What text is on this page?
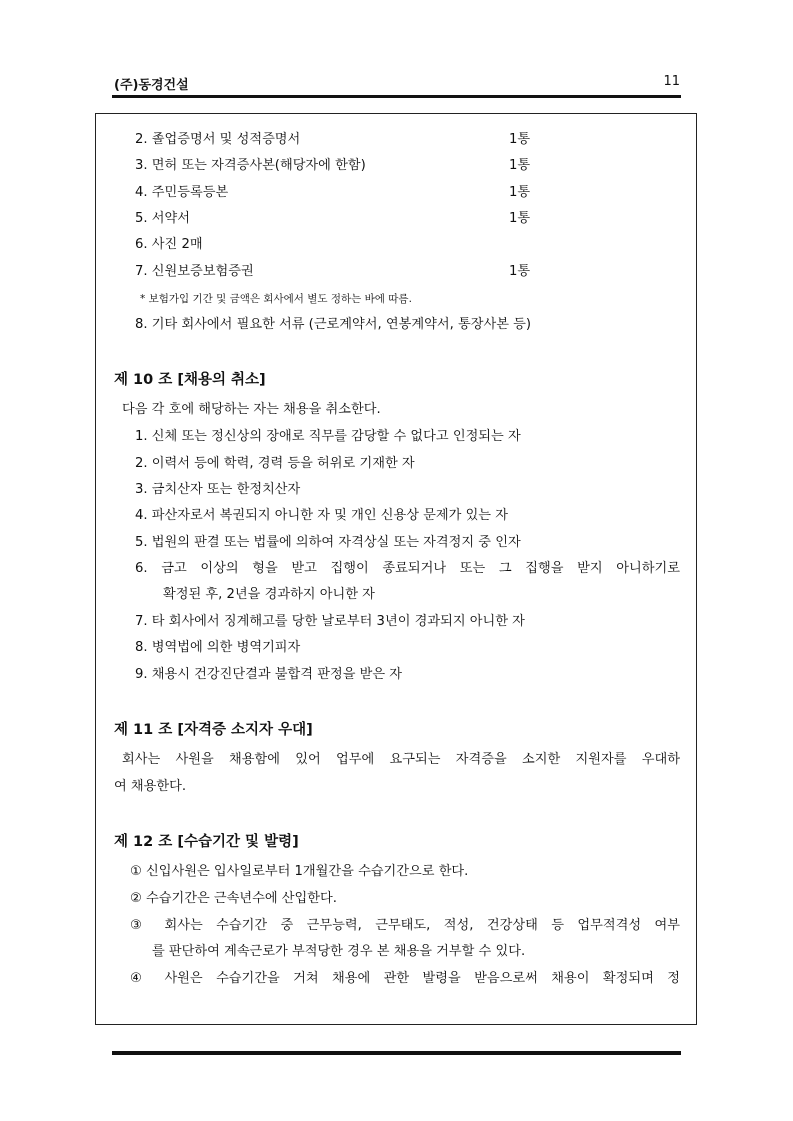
(주)동경건설	11
2. 졸업증명서 및 성적증명서	1통
3. 면허 또는 자격증사본(해당자에 한함)	1통
4. 주민등록등본	1통
5. 서약서	1통
6. 사진 2매
7. 신원보증보험증권	1통
* 보험가입 기간 및 금액은 회사에서 별도 정하는 바에 따름.
8. 기타 회사에서 필요한 서류 (근로계약서, 연봉계약서, 통장사본 등)
제 10 조 [채용의 취소]
다음 각 호에 해당하는 자는 채용을 취소한다.
1. 신체 또는 정신상의 장애로 직무를 감당할 수 없다고 인정되는 자
2. 이력서 등에 학력, 경력 등을 허위로 기재한 자
3. 금치산자 또는 한정치산자
4. 파산자로서 복권되지 아니한 자 및 개인 신용상 문제가 있는 자
5. 법원의 판결 또는 법률에 의하여 자격상실 또는 자격정지 중 인자
6. 금고 이상의 형을 받고 집행이 종료되거나 또는 그 집행을 받지 아니하기로
확정된 후, 2년을 경과하지 아니한 자
7. 타 회사에서 징계해고를 당한 날로부터 3년이 경과되지 아니한 자
8. 병역법에 의한 병역기피자
9. 채용시 건강진단결과 불합격 판정을 받은 자
제 11 조 [자격증 소지자 우대]
회사는 사원을 채용함에 있어 업무에 요구되는 자격증을 소지한 지원자를 우대하
여 채용한다.
제 12 조 [수습기간 및 발령]
① 신입사원은 입사일로부터 1개월간을 수습기간으로 한다.
② 수습기간은 근속년수에 산입한다.
③ 회사는 수습기간 중 근무능력, 근무태도, 적성, 건강상태 등 업무적격성 여부
를 판단하여 계속근로가 부적당한 경우 본 채용을 거부할 수 있다.
④ 사원은 수습기간을 거쳐 채용에 관한 발령을 받음으로써 채용이 확정되며 정
